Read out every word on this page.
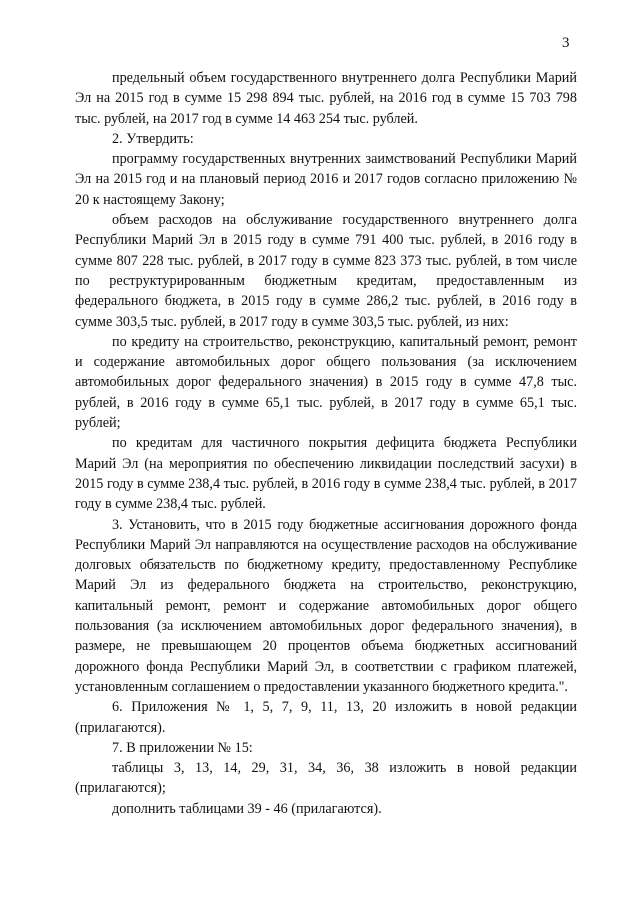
3

предельный объем государственного внутреннего долга Республики Марий Эл на 2015 год в сумме 15 298 894 тыс. рублей, на 2016 год в сумме 15 703 798 тыс. рублей, на 2017 год в сумме 14 463 254 тыс. рублей.

2. Утвердить:

программу государственных внутренних заимствований Республики Марий Эл на 2015 год и на плановый период 2016 и 2017 годов согласно приложению № 20 к настоящему Закону;

объем расходов на обслуживание государственного внутреннего долга Республики Марий Эл в 2015 году в сумме 791 400 тыс. рублей, в 2016 году в сумме 807 228 тыс. рублей, в 2017 году в сумме 823 373 тыс. рублей, в том числе по реструктурированным бюджетным кредитам, предоставленным из федерального бюджета, в 2015 году в сумме 286,2 тыс. рублей, в 2016 году в сумме 303,5 тыс. рублей, в 2017 году в сумме 303,5 тыс. рублей, из них:

по кредиту на строительство, реконструкцию, капитальный ремонт, ремонт и содержание автомобильных дорог общего пользования (за исключением автомобильных дорог федерального значения) в 2015 году в сумме 47,8 тыс. рублей, в 2016 году в сумме 65,1 тыс. рублей, в 2017 году в сумме 65,1 тыс. рублей;

по кредитам для частичного покрытия дефицита бюджета Республики Марий Эл (на мероприятия по обеспечению ликвидации последствий засухи) в 2015 году в сумме 238,4 тыс. рублей, в 2016 году в сумме 238,4 тыс. рублей, в 2017 году в сумме 238,4 тыс. рублей.

3. Установить, что в 2015 году бюджетные ассигнования дорожного фонда Республики Марий Эл направляются на осуществление расходов на обслуживание долговых обязательств по бюджетному кредиту, предоставленному Республике Марий Эл из федерального бюджета на строительство, реконструкцию, капитальный ремонт, ремонт и содержание автомобильных дорог общего пользования (за исключением автомобильных дорог федерального значения), в размере, не превышающем 20 процентов объема бюджетных ассигнований дорожного фонда Республики Марий Эл, в соответствии с графиком платежей, установленным соглашением о предоставлении указанного бюджетного кредита.".

6. Приложения № 1, 5, 7, 9, 11, 13, 20 изложить в новой редакции (прилагаются).

7. В приложении № 15:

таблицы 3, 13, 14, 29, 31, 34, 36, 38 изложить в новой редакции (прилагаются);

дополнить таблицами 39 - 46 (прилагаются).
